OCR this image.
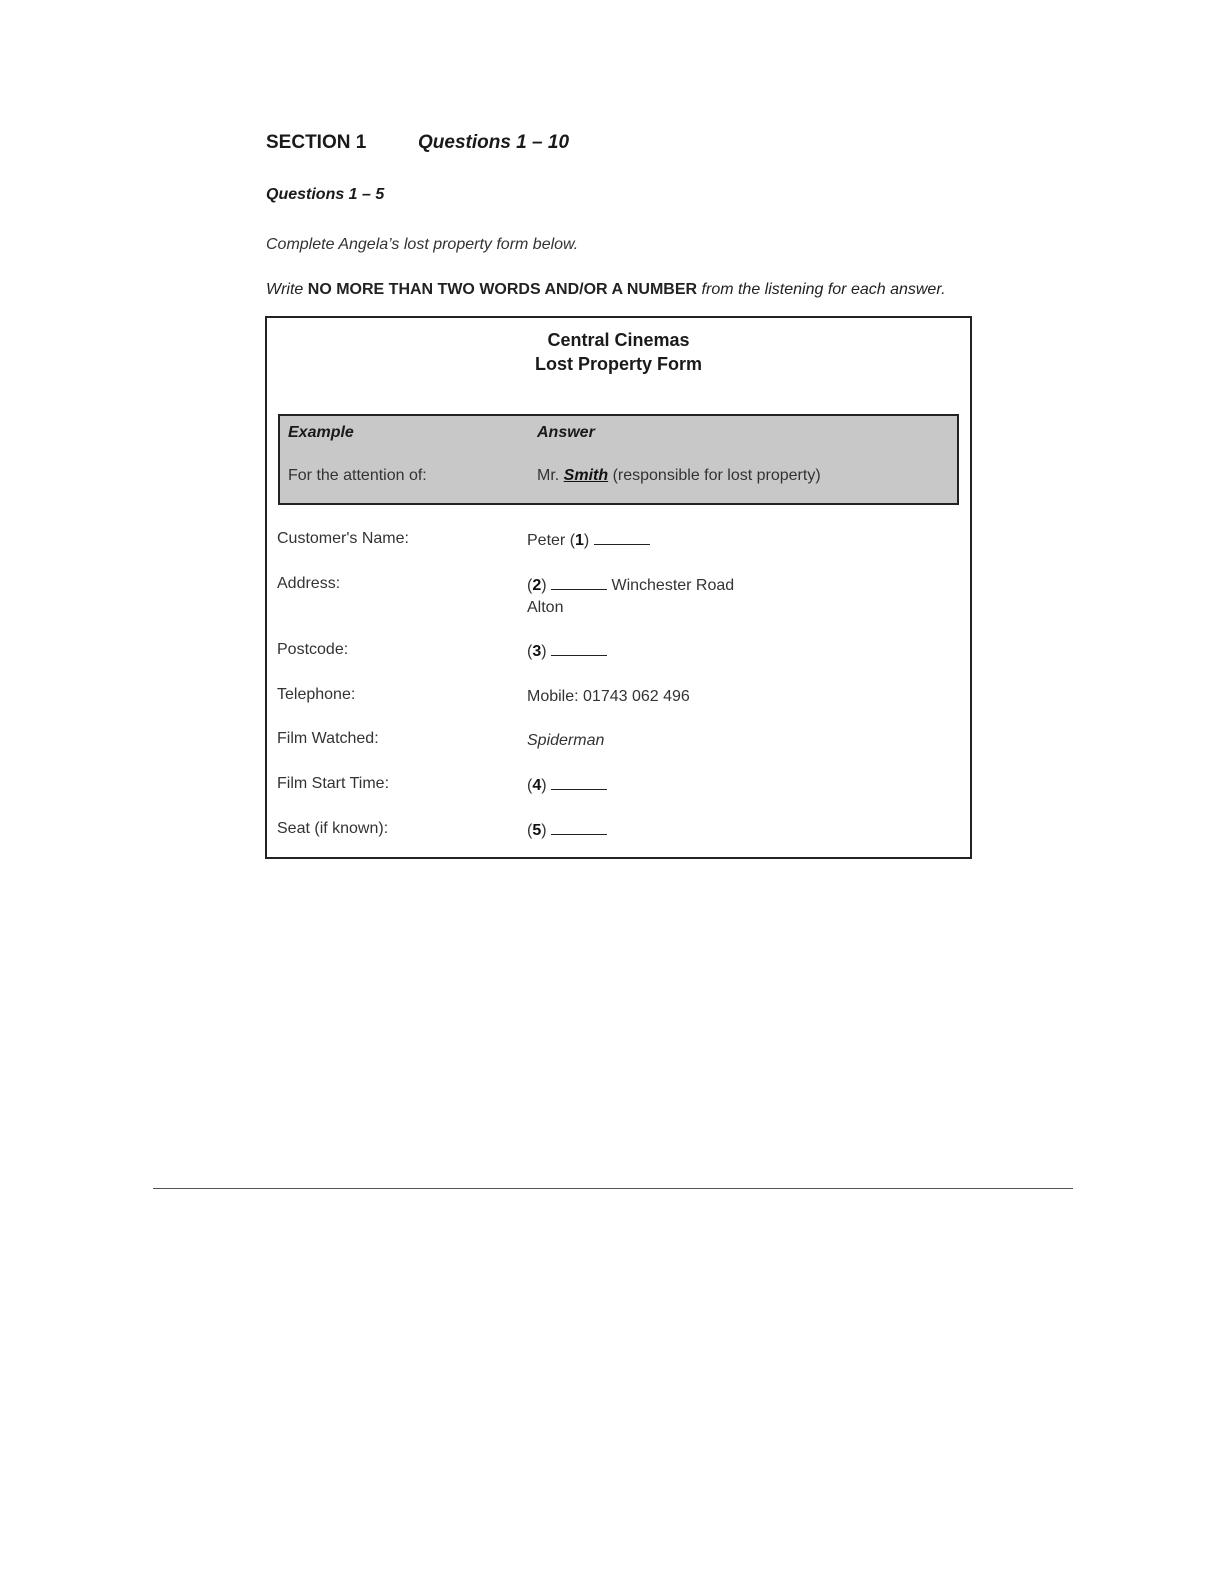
SECTION 1	Questions 1 – 10
Questions 1 – 5
Complete Angela’s lost property form below.
Write NO MORE THAN TWO WORDS AND/OR A NUMBER from the listening for each answer.
Central Cinemas
Lost Property Form
Example	Answer
For the attention of:	Mr. Smith (responsible for lost property)
Customer's Name:	Peter (1)
Address:	(2)	Winchester Road
Alton
Postcode:	(3)
Telephone:	Mobile: 01743 062 496
Film Watched:	Spiderman
Film Start Time:	(4)
Seat (if known):	(5)
